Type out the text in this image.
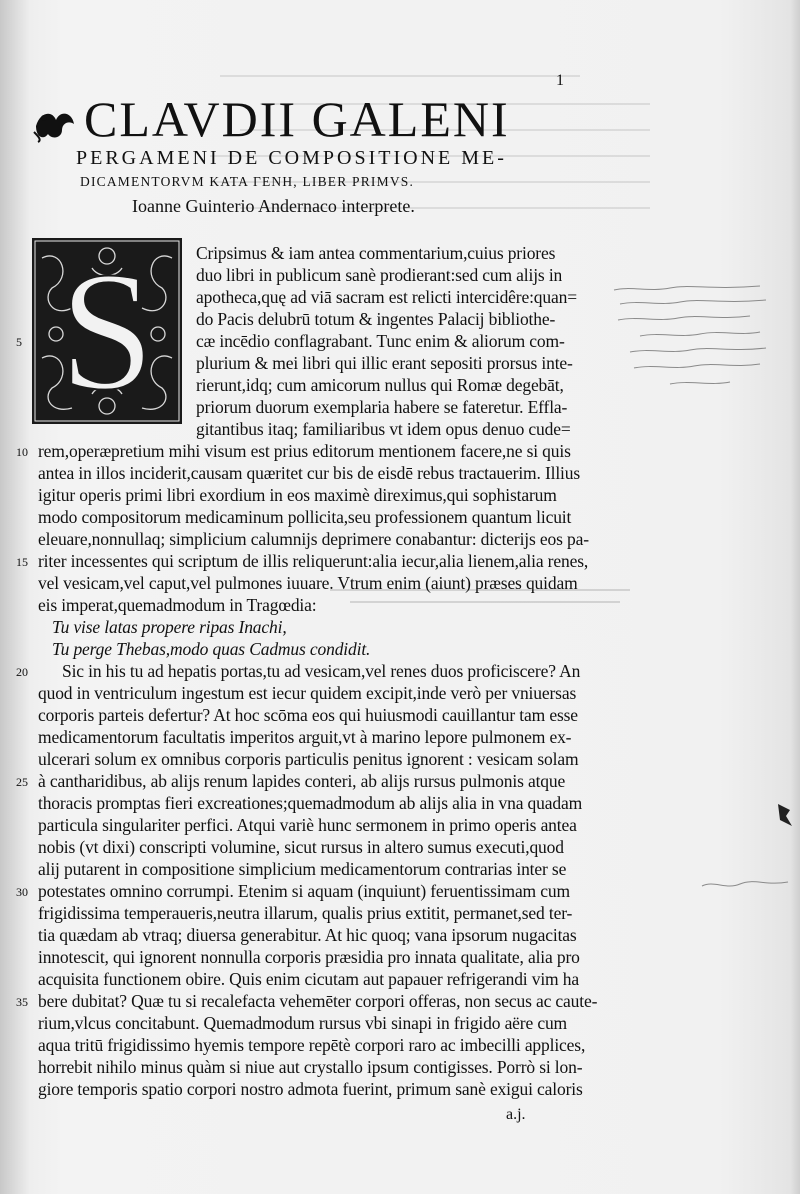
1
CLAVDII GALENI
PERGAMENI DE COMPOSITIONE ME-
DICAMENTORVM KATA ΓΕΝΗ, LIBER PRIMVS.
Ioanne Guinterio Andernaco interprete.
S Cripsimus & iam antea commentarium,cuius priores
duo libri in publicum sanè prodierant:sed cum alijs in
apotheca,quę ad viā sacram est relicti intercidêre:quan=
do Pacis delubrū totum & ingentes Palacij bibliothe-
cæ incēdio conflagrabant. Tunc enim & aliorum com-
plurium & mei libri qui illic erant sepositi prorsus inte-
rierunt,idq; cum amicorum nullus qui Romæ degebāt,
priorum duorum exemplaria habere se fateretur. Effla-
gitantibus itaq; familiaribus vt idem opus denuo cude=
rem,operæpretium mihi visum est prius editorum mentionem facere,ne si quis
antea in illos inciderit,causam quæritet cur bis de eisdē rebus tractauerim. Illius
igitur operis primi libri exordium in eos maximè direximus,qui sophistarum
modo compositorum medicaminum pollicita,seu professionem quantum licuit
eleuare,nonnullaq; simplicium calumnijs deprimere conabantur: dicterijs eos pa-
riter incessentes qui scriptum de illis reliquerunt:alia iecur,alia lienem,alia renes,
vel vesicam,vel caput,vel pulmones iuuare. Vtrum enim (aiunt) præses quidam
eis imperat,quemadmodum in Tragœdia:
Tu vise latas propere ripas Inachi,
Tu perge Thebas,modo quas Cadmus condidit.
Sic in his tu ad hepatis portas,tu ad vesicam,vel renes duos proficiscere? An
quod in ventriculum ingestum est iecur quidem excipit,inde verò per vniuersas
corporis parteis defertur? At hoc scōma eos qui huiusmodi cauillantur tam esse
medicamentorum facultatis imperitos arguit,vt à marino lepore pulmonem ex-
ulcerari solum ex omnibus corporis particulis penitus ignorent : vesicam solam
à cantharidibus, ab alijs renum lapides conteri, ab alijs rursus pulmonis atque
thoracis promptas fieri excreationes;quemadmodum ab alijs alia in vna quadam
particula singulariter perfici. Atqui variè hunc sermonem in primo operis antea
nobis (vt dixi) conscripti volumine, sicut rursus in altero sumus executi,quod
alij putarent in compositione simplicium medicamentorum contrarias inter se
potestates omnino corrumpi. Etenim si aquam (inquiunt) feruentissimam cum
frigidissima temperaueris,neutra illarum, qualis prius extitit, permanet,sed ter-
tia quædam ab vtraq; diuersa generabitur. At hic quoq; vana ipsorum nugacitas
innotescit, qui ignorent nonnulla corporis præsidia pro innata qualitate, alia pro
acquisita functionem obire. Quis enim cicutam aut papauer refrigerandi vim ha
bere dubitat? Quæ tu si recalefacta vehemēter corpori offeras, non secus ac caute-
rium,vlcus concitabunt. Quemadmodum rursus vbi sinapi in frigido aëre cum
aqua tritū frigidissimo hyemis tempore repētè corpori raro ac imbecilli applices,
horrebit nihilo minus quàm si niue aut crystallo ipsum contigisses. Porrò si lon-
giore temporis spatio corpori nostro admota fuerint, primum sanè exigui caloris
5
10
15
20
25
30
35
a.j.
